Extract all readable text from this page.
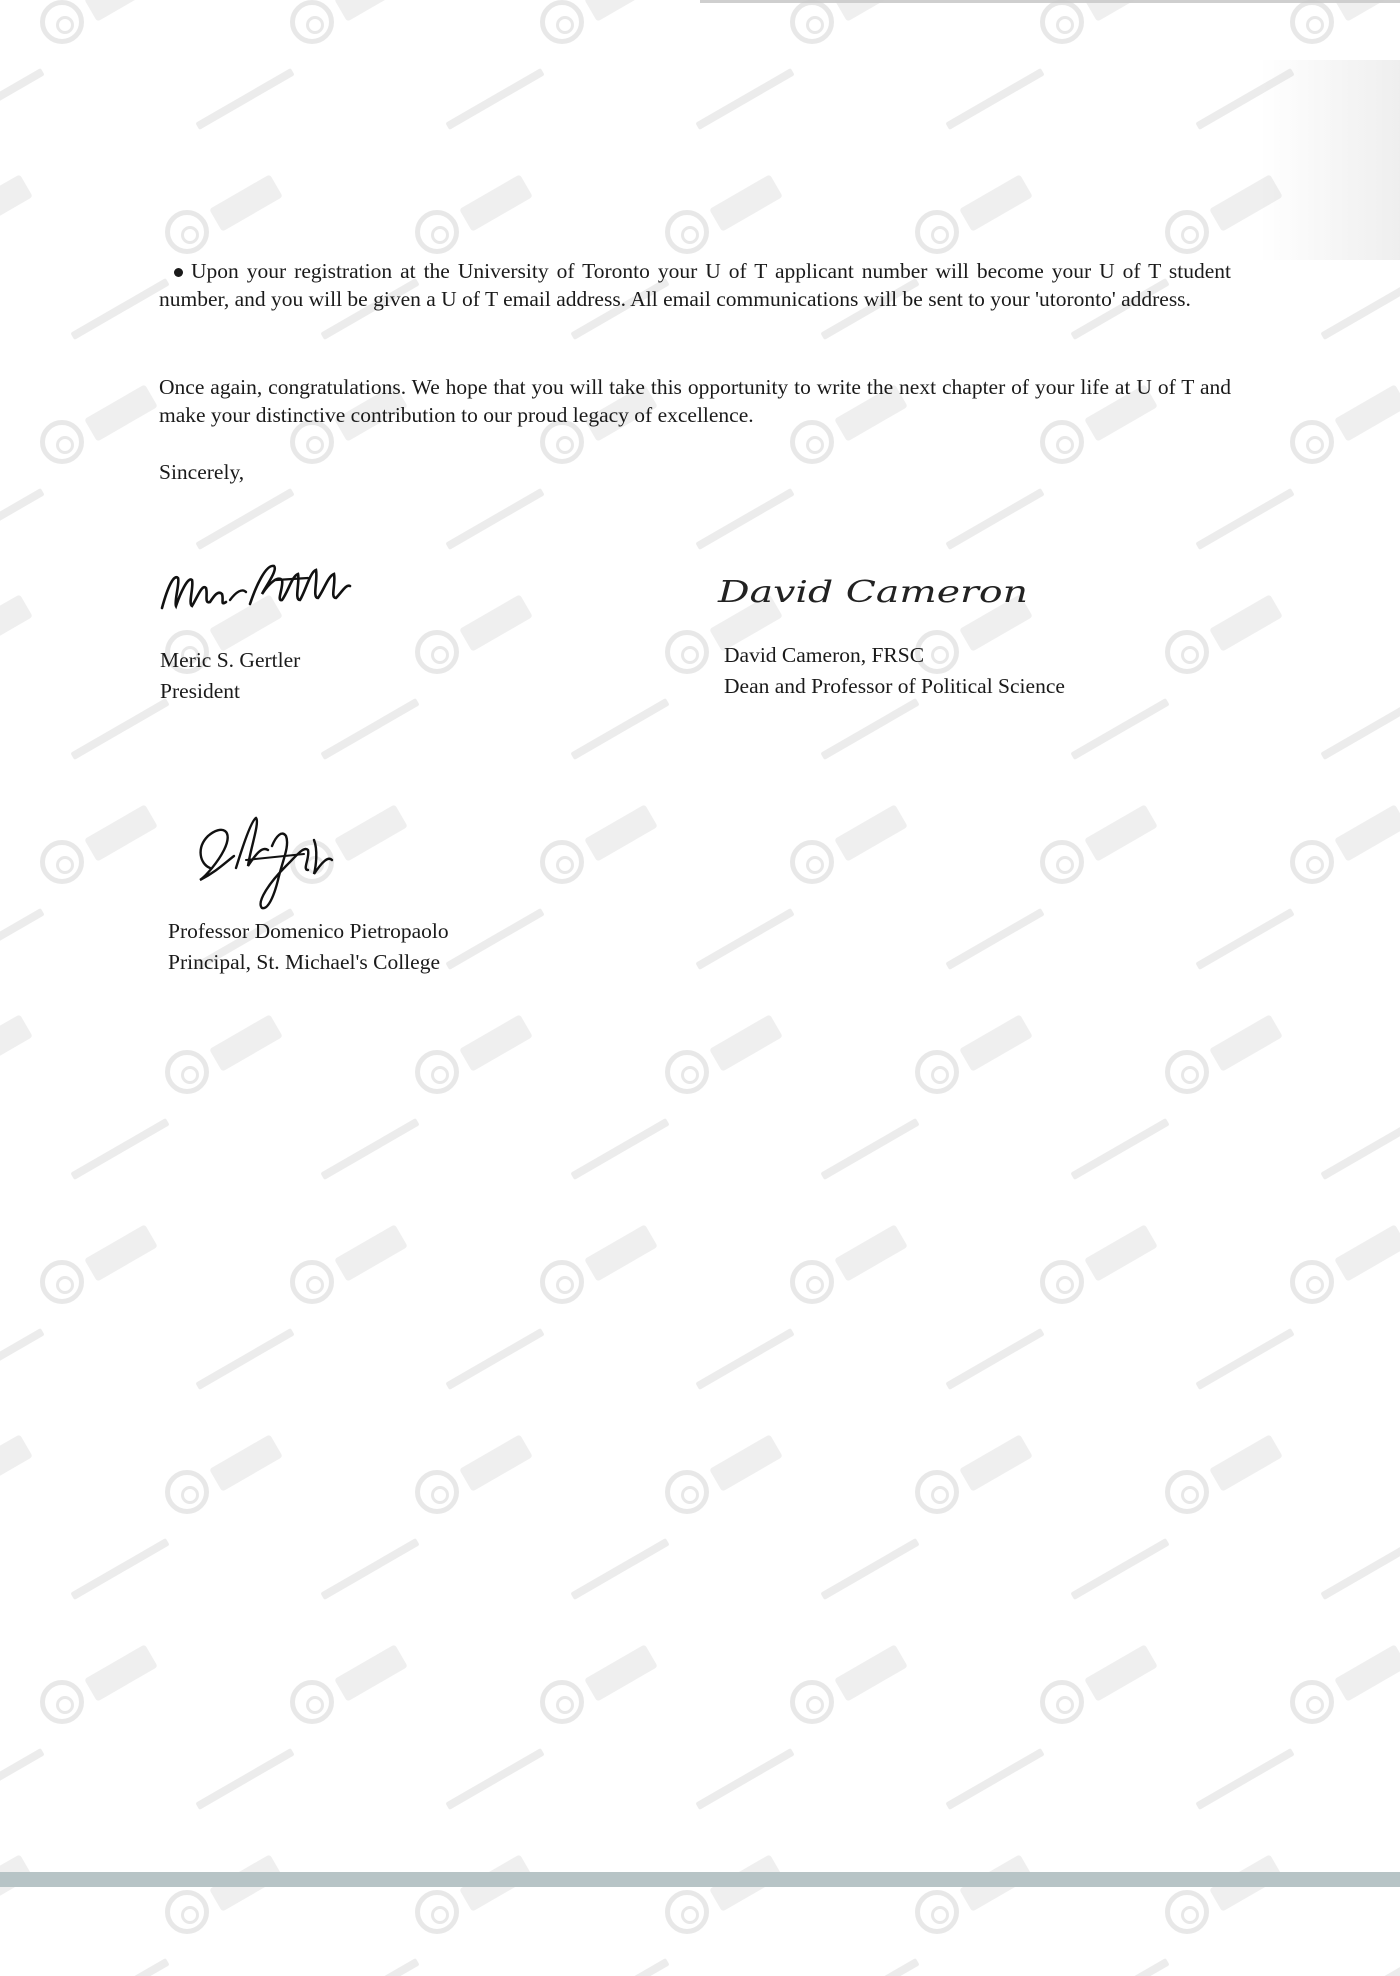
Upon your registration at the University of Toronto your U of T applicant number will become your U of T student number, and you will be given a U of T email address. All email communications will be sent to your 'utoronto' address.
Once again, congratulations. We hope that you will take this opportunity to write the next chapter of your life at U of T and make your distinctive contribution to our proud legacy of excellence.
Sincerely,
Meric S. Gertler
President
David Cameron
David Cameron, FRSC
Dean and Professor of Political Science
Professor Domenico Pietropaolo
Principal, St. Michael's College
